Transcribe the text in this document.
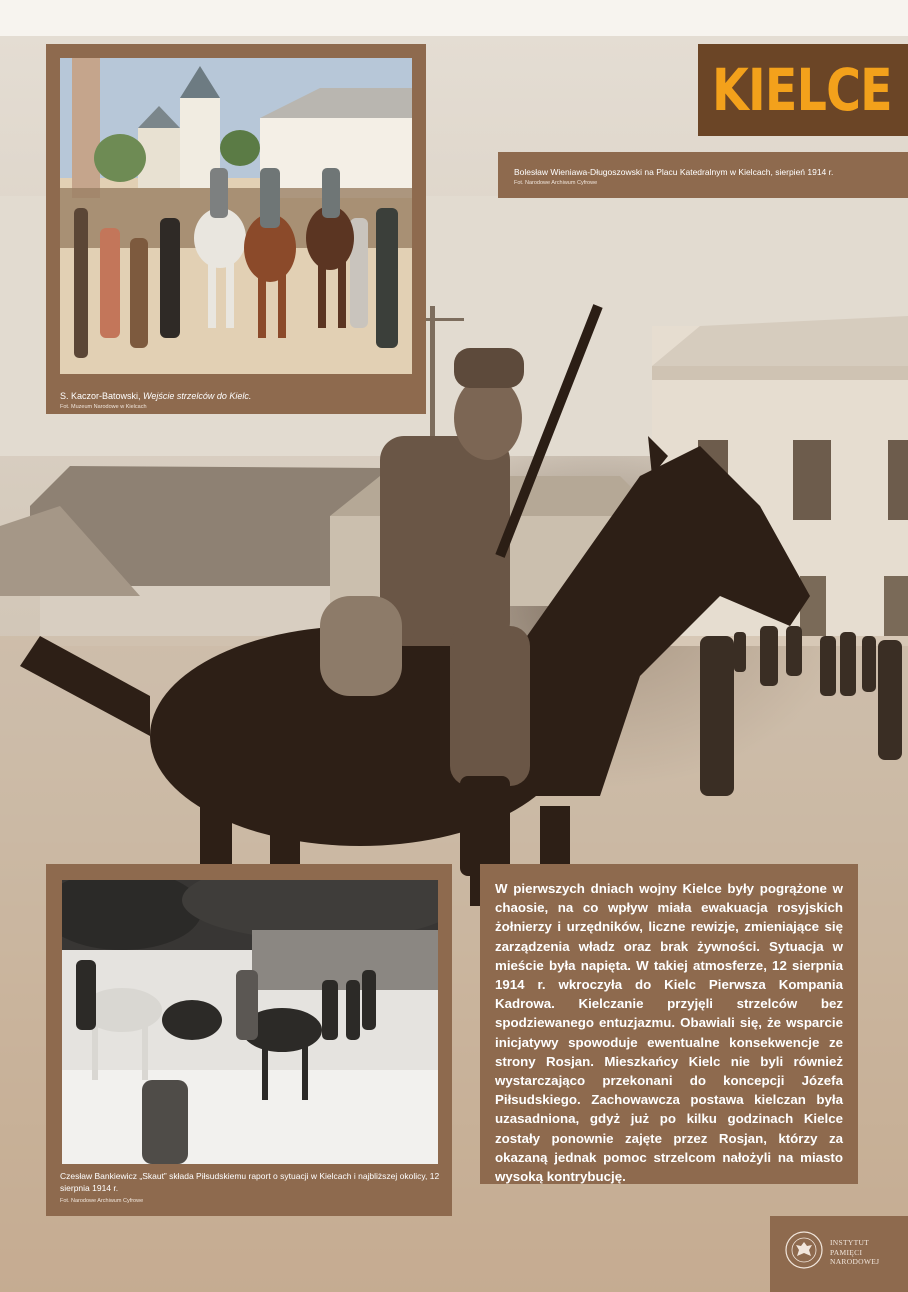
KIELCE
Bolesław Wieniawa-Długoszowski na Placu Katedralnym w Kielcach, sierpień 1914 r.
Fot. Narodowe Archiwum Cyfrowe
S. Kaczor-Batowski, Wejście strzelców do Kielc.
Fot. Muzeum Narodowe w Kielcach
Czesław Bankiewicz „Skaut” składa Piłsudskiemu raport o sytuacji w Kielcach i najbliższej okolicy, 12 sierpnia 1914 r.
Fot. Narodowe Archiwum Cyfrowe
W pierwszych dniach wojny Kielce były pogrążone w chaosie, na co wpływ miała ewakuacja rosyjskich żołnierzy i urzędników, liczne rewizje, zmieniające się zarządzenia władz oraz brak żywności. Sytuacja w mieście była napięta. W takiej atmosferze, 12 sierpnia 1914 r. wkroczyła do Kielc Pierwsza Kompania Kadrowa. Kielczanie przyjęli strzelców bez spodziewanego entuzjazmu. Obawiali się, że wsparcie inicjatywy spowoduje ewentualne konsekwencje ze strony Rosjan. Mieszkańcy Kielc nie byli również wystarczająco przekonani do koncepcji Józefa Piłsudskiego. Zachowawcza postawa kielczan była uzasadniona, gdyż już po kilku godzinach Kielce zostały ponownie zajęte przez Rosjan, którzy za okazaną jednak pomoc strzelcom nałożyli na miasto wysoką kontrybucję.
INSTYTUT
PAMIĘCI
NARODOWEJ
